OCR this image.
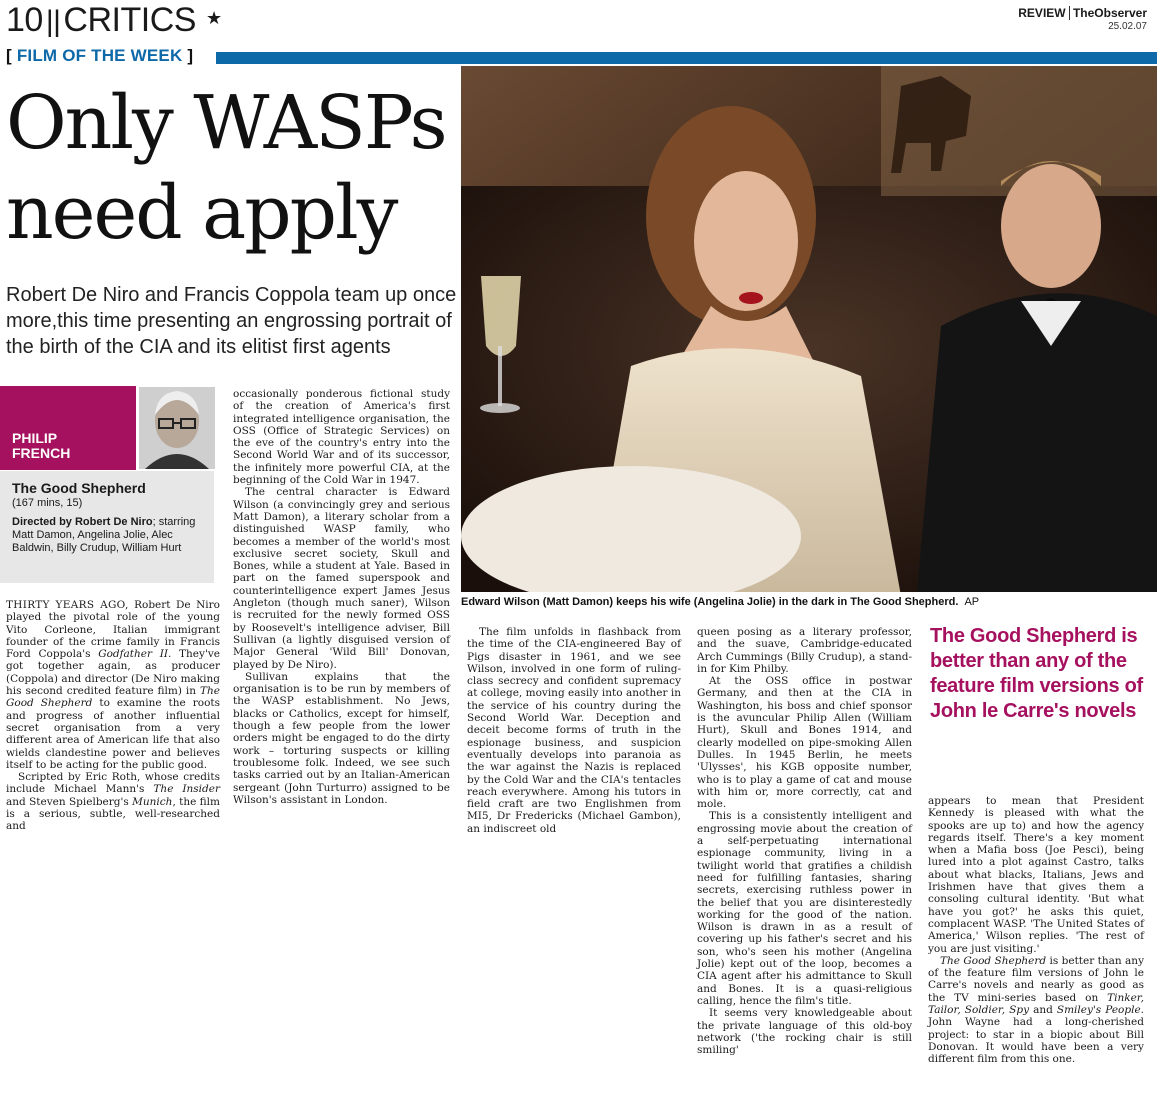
10 ||CRITICS ★	REVIEW TheObserver
25.02.07
[ FILM OF THE WEEK ]
Only WASPs need apply
Robert De Niro and Francis Coppola team up once more,this time presenting an engrossing portrait of the birth of the CIA and its elitist first agents
Edward Wilson (Matt Damon) keeps his wife (Angelina Jolie) in the dark in The Good Shepherd. AP
PHILIP
FRENCH
The Good Shepherd
(167 mins, 15)
Directed by Robert De Niro; starring Matt Damon, Angelina Jolie, Alec Baldwin, Billy Crudup, William Hurt

THIRTY YEARS AGO, Robert De Niro played the pivotal role of the young Vito Corleone, Italian immigrant founder of the crime family in Francis Ford Coppola's Godfather II. They've got together again, as producer (Coppola) and director (De Niro making his second credited feature film) in The Good Shepherd to examine the roots and progress of another influential secret organisation from a very different area of American life that also wields clandestine power and believes itself to be acting for the public good.

Scripted by Eric Roth, whose credits include Michael Mann's The Insider and Steven Spielberg's Munich, the film is a serious, subtle, well-researched and

occasionally ponderous fictional study of the creation of America's first integrated intelligence organisation, the OSS (Office of Strategic Services) on the eve of the country's entry into the Second World War and of its successor, the infinitely more powerful CIA, at the beginning of the Cold War in 1947.

The central character is Edward Wilson (a convincingly grey and serious Matt Damon), a literary scholar from a distinguished WASP family, who becomes a member of the world's most exclusive secret society, Skull and Bones, while a student at Yale. Based in part on the famed superspook and counterintelligence expert James Jesus Angleton (though much saner), Wilson is recruited for the newly formed OSS by Roosevelt's intelligence adviser, Bill Sullivan (a lightly disguised version of Major General 'Wild Bill' Donovan, played by De Niro).

Sullivan explains that the organisation is to be run by members of the WASP establishment. No Jews, blacks or Catholics, except for himself, though a few people from the lower orders might be engaged to do the dirty work – torturing suspects or killing troublesome folk. Indeed, we see such tasks carried out by an Italian-American sergeant (John Turturro) assigned to be Wilson's assistant in London.

The film unfolds in flashback from the time of the CIA-engineered Bay of Pigs disaster in 1961, and we see Wilson, involved in one form of ruling-class secrecy and confident supremacy at college, moving easily into another in the service of his country during the Second World War. Deception and deceit become forms of truth in the espionage business, and suspicion eventually develops into paranoia as the war against the Nazis is replaced by the Cold War and the CIA's tentacles reach everywhere. Among his tutors in field craft are two Englishmen from MI5, Dr Fredericks (Michael Gambon), an indiscreet old

queen posing as a literary professor, and the suave, Cambridge-educated Arch Cummings (Billy Crudup), a stand-in for Kim Philby.

At the OSS office in postwar Germany, and then at the CIA in Washington, his boss and chief sponsor is the avuncular Philip Allen (William Hurt), Skull and Bones 1914, and clearly modelled on pipe-smoking Allen Dulles. In 1945 Berlin, he meets 'Ulysses', his KGB opposite number, who is to play a game of cat and mouse with him or, more correctly, cat and mole.

This is a consistently intelligent and engrossing movie about the creation of a self-perpetuating international espionage community, living in a twilight world that gratifies a childish need for fulfilling fantasies, sharing secrets, exercising ruthless power in the belief that you are disinterestedly working for the good of the nation. Wilson is drawn in as a result of covering up his father's secret and his son, who's seen his mother (Angelina Jolie) kept out of the loop, becomes a CIA agent after his admittance to Skull and Bones. It is a quasi-religious calling, hence the film's title.

It seems very knowledgeable about the private language of this old-boy network ('the rocking chair is still smiling'

The Good Shepherd is better than any of the feature film versions of John le Carre's novels

appears to mean that President Kennedy is pleased with what the spooks are up to) and how the agency regards itself. There's a key moment when a Mafia boss (Joe Pesci), being lured into a plot against Castro, talks about what blacks, Italians, Jews and Irishmen have that gives them a consoling cultural identity. 'But what have you got?' he asks this quiet, complacent WASP. 'The United States of America,' Wilson replies. 'The rest of you are just visiting.'

The Good Shepherd is better than any of the feature film versions of John le Carre's novels and nearly as good as the TV mini-series based on Tinker, Tailor, Soldier, Spy and Smiley's People. John Wayne had a long-cherished project: to star in a biopic about Bill Donovan. It would have been a very different film from this one.
